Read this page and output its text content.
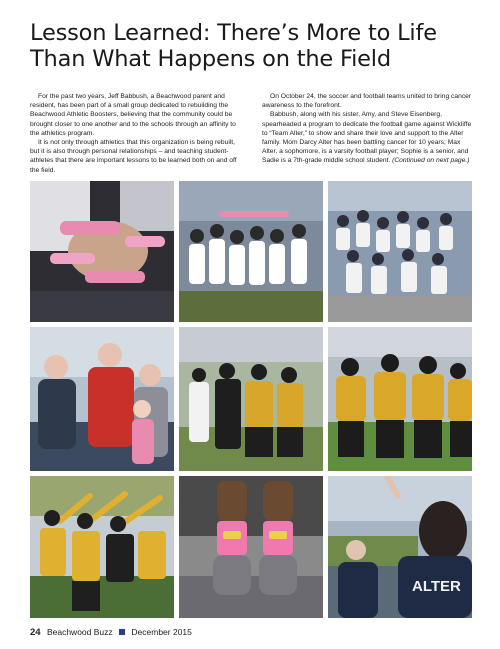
Lesson Learned: There’s More to Life
Than What Happens on the Field

For the past two years, Jeff Babbush, a Beachwood parent and resident, has been part of a small group dedicated to rebuilding the Beachwood Athletic Boosters, believing that the community could be brought closer to one another and to the schools through an affinity to the athletics program.

It is not only through athletics that this organization is being rebuilt, but it is also through personal relationships – and teaching student-athletes that there are important lessons to be learned both on and off the field.

On October 24, the soccer and football teams united to bring cancer awareness to the forefront.

Babbush, along with his sister, Amy, and Steve Eisenberg, spearheaded a program to dedicate the football game against Wickliffe to “Team Alter,” to show and share their love and support to the Alter family. Mom Darcy Alter has been battling cancer for 10 years; Max Alter, a sophomore, is a varsity football player; Sophie is a senior, and Sadie is a 7th-grade middle school student. (Continued on next page.)

ALTER
24 Beachwood Buzz December 2015
